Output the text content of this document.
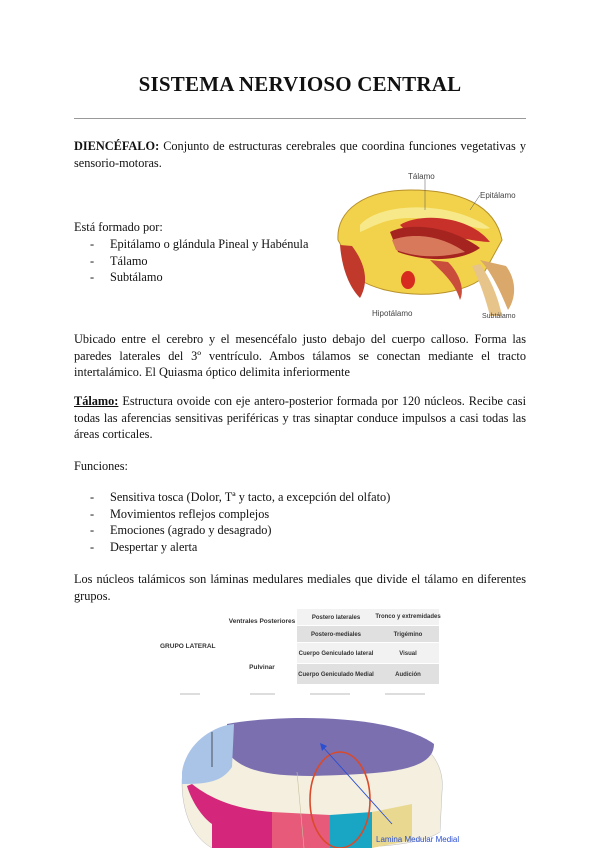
SISTEMA NERVIOSO CENTRAL
DIENCÉFALO: Conjunto de estructuras cerebrales que coordina funciones vegetativas y sensorio-motoras.
Está formado por:
- Epitálamo o glándula Pineal y Habénula
- Tálamo
- Subtálamo
Tálamo
Epitálamo
Hipotálamo	Subtálamo
Ubicado entre el cerebro y el mesencéfalo justo debajo del cuerpo calloso. Forma las paredes laterales del 3º ventrículo. Ambos tálamos se conectan mediante el tracto intertalámico. El Quiasma óptico delimita inferiormente
Tálamo: Estructura ovoide con eje antero-posterior formada por 120 núcleos. Recibe casi todas las aferencias sensitivas periféricas y tras sinaptar conduce impulsos a casi todas las áreas corticales.
Funciones:
- Sensitiva tosca (Dolor, Tª y tacto, a excepción del olfato)
- Movimientos reflejos complejos
- Emociones (agrado y desagrado)
- Despertar y alerta
Los núcleos talámicos son láminas medulares mediales que divide el tálamo en diferentes grupos.
GRUPO LATERAL
Ventrales Posteriores
Pulvinar
Postero laterales	Tronco y extremidades
Postero-mediales	Trigémino
Cuerpo Geniculado lateral	Visual
Cuerpo Geniculado Medial	Audición
Lamina Medular Medial
